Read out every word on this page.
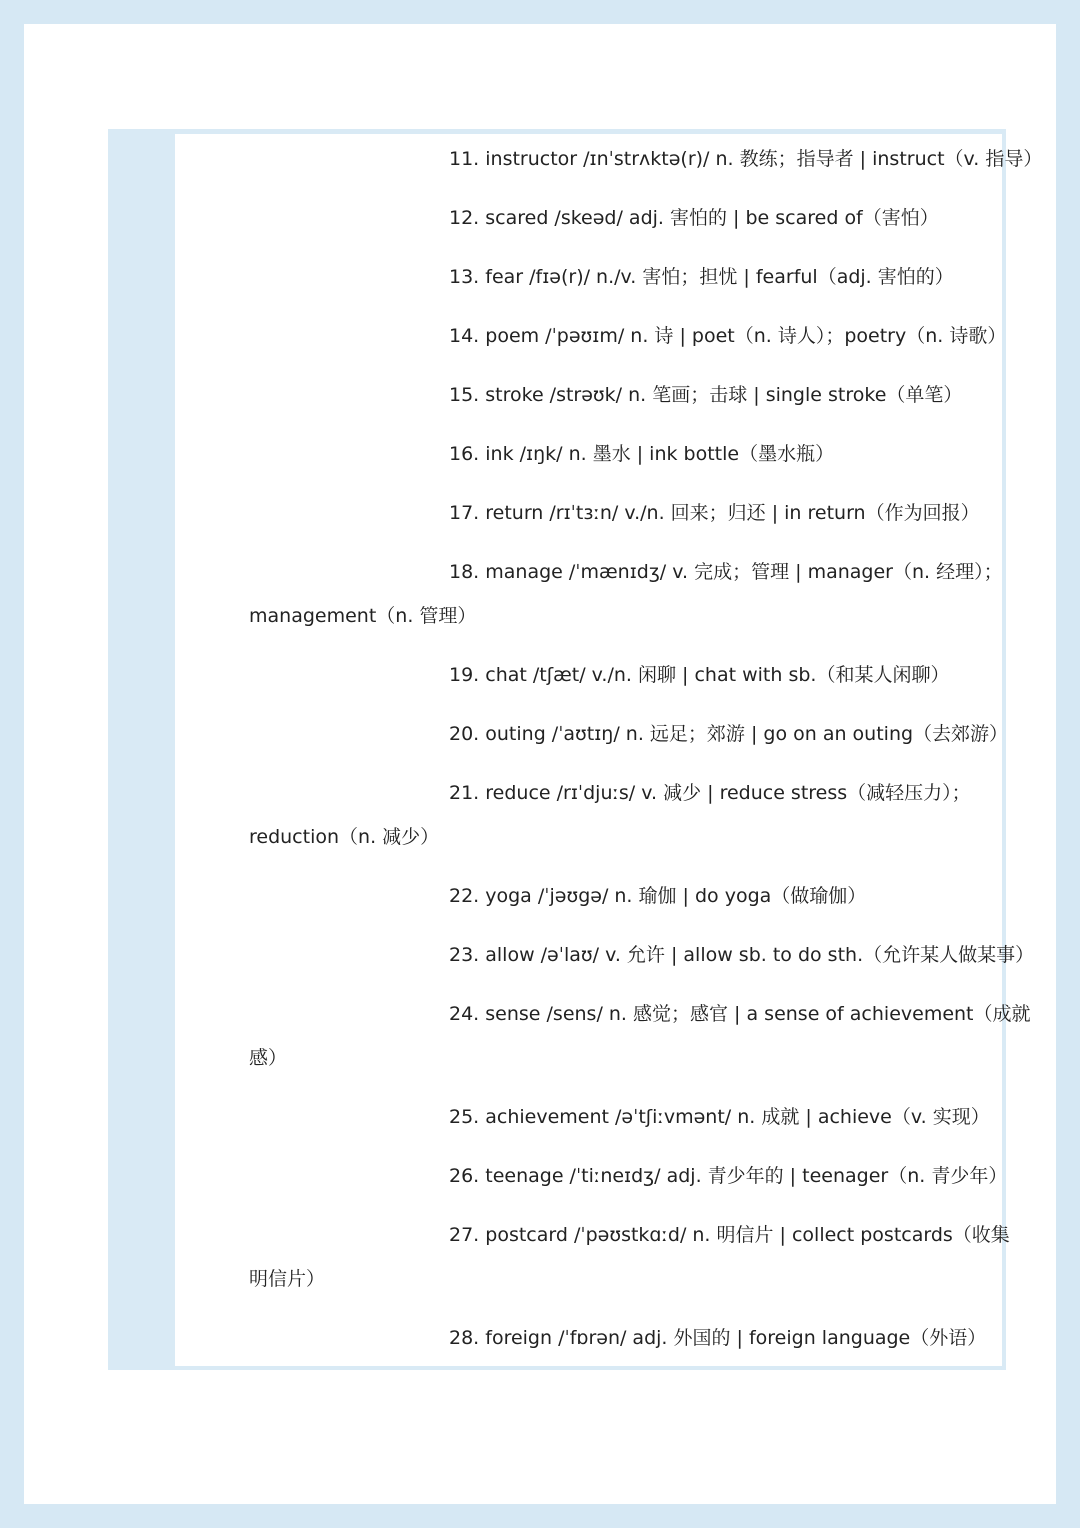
11. instructor /ɪnˈstrʌktə(r)/ n. 教练；指导者 | instruct（v. 指导）
12. scared /skeəd/ adj. 害怕的 | be scared of（害怕）
13. fear /fɪə(r)/ n./v. 害怕；担忧 | fearful（adj. 害怕的）
14. poem /ˈpəʊɪm/ n. 诗 | poet（n. 诗人）；poetry（n. 诗歌）
15. stroke /strəʊk/ n. 笔画；击球 | single stroke（单笔）
16. ink /ɪŋk/ n. 墨水 | ink bottle（墨水瓶）
17. return /rɪˈtɜːn/ v./n. 回来；归还 | in return（作为回报）
18. manage /ˈmænɪdʒ/ v. 完成；管理 | manager（n. 经理）；
management（n. 管理）
19. chat /tʃæt/ v./n. 闲聊 | chat with sb.（和某人闲聊）
20. outing /ˈaʊtɪŋ/ n. 远足；郊游 | go on an outing（去郊游）
21. reduce /rɪˈdjuːs/ v. 减少 | reduce stress（减轻压力）；
reduction（n. 减少）
22. yoga /ˈjəʊgə/ n. 瑜伽 | do yoga（做瑜伽）
23. allow /əˈlaʊ/ v. 允许 | allow sb. to do sth.（允许某人做某事）
24. sense /sens/ n. 感觉；感官 | a sense of achievement（成就
感）
25. achievement /əˈtʃiːvmənt/ n. 成就 | achieve（v. 实现）
26. teenage /ˈtiːneɪdʒ/ adj. 青少年的 | teenager（n. 青少年）
27. postcard /ˈpəʊstkɑːd/ n. 明信片 | collect postcards（收集
明信片）
28. foreign /ˈfɒrən/ adj. 外国的 | foreign language（外语）
